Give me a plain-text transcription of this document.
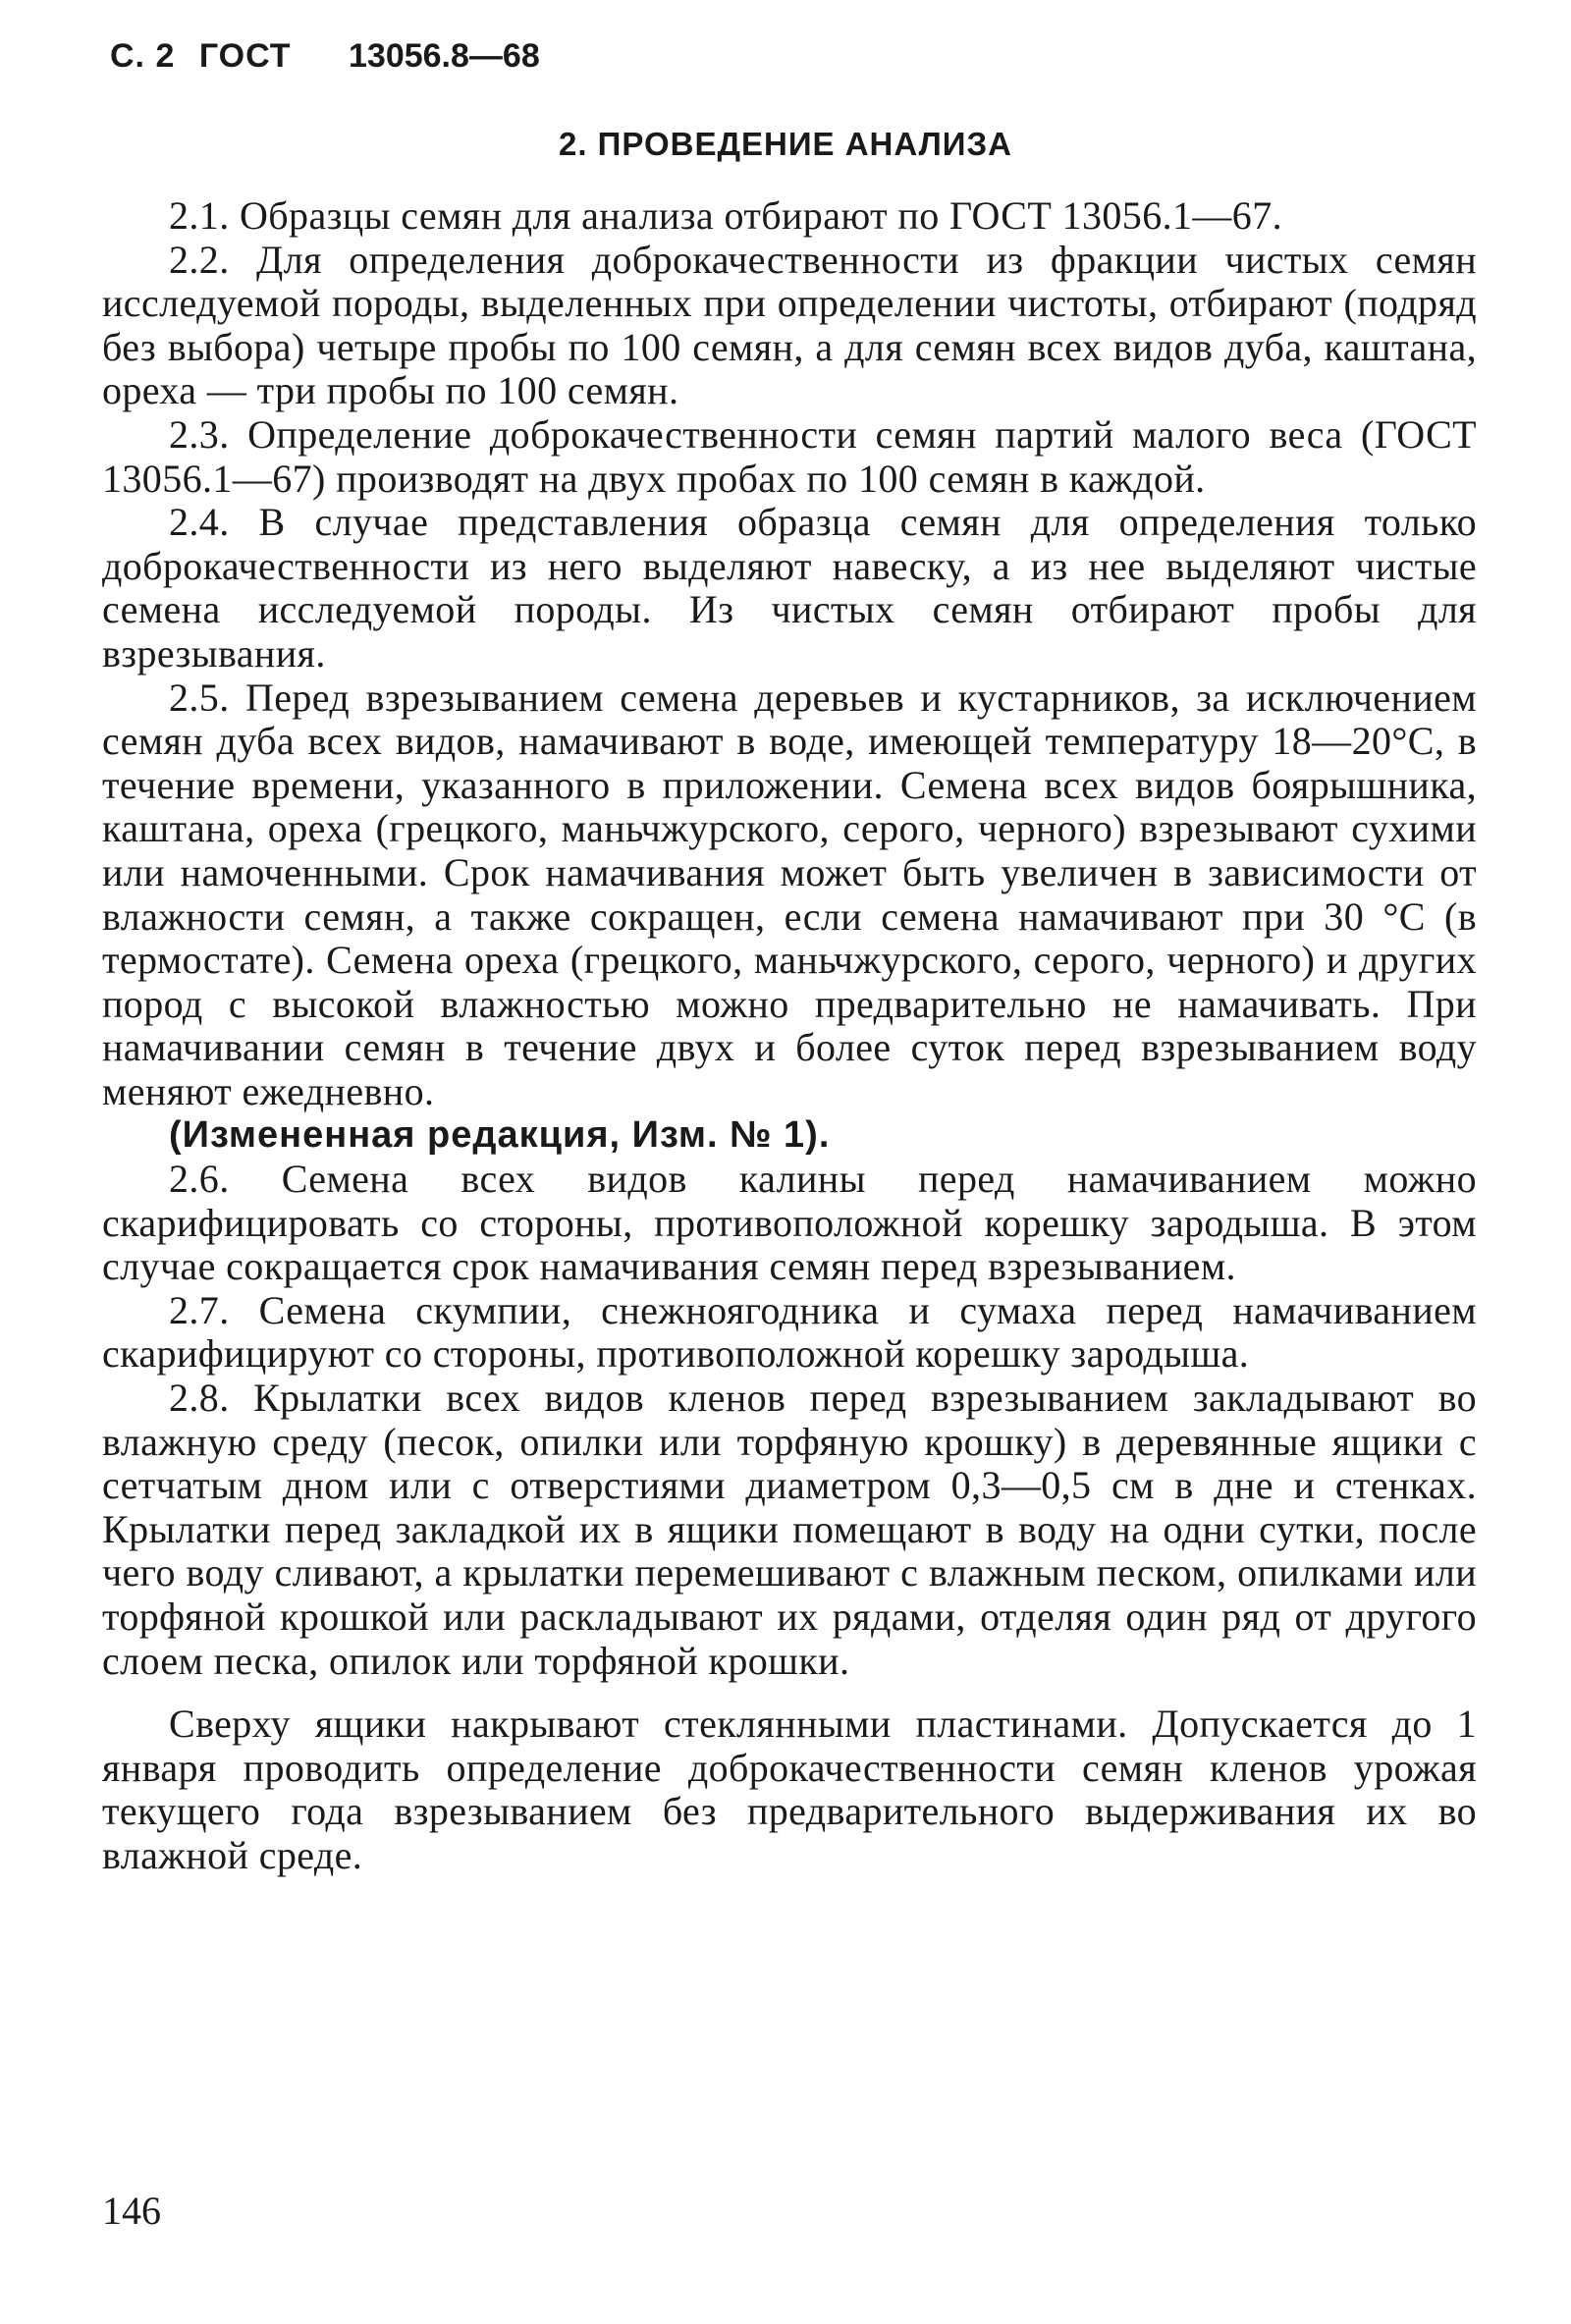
С. 2 ГОСТ 13056.8—68
2. ПРОВЕДЕНИЕ АНАЛИЗА

2.1. Образцы семян для анализа отбирают по ГОСТ 13056.1—67.

2.2. Для определения доброкачественности из фракции чистых семян исследуемой породы, выделенных при определении чистоты, отбирают (подряд без выбора) четыре пробы по 100 семян, а для семян всех видов дуба, каштана, ореха — три пробы по 100 семян.

2.3. Определение доброкачественности семян партий малого веса (ГОСТ 13056.1—67) производят на двух пробах по 100 семян в каждой.

2.4. В случае представления образца семян для определения только доброкачественности из него выделяют навеску, а из нее выделяют чистые семена исследуемой породы. Из чистых семян отбирают пробы для взрезывания.

2.5. Перед взрезыванием семена деревьев и кустарников, за исключением семян дуба всех видов, намачивают в воде, имеющей температуру 18—20°С, в течение времени, указанного в приложении. Семена всех видов боярышника, каштана, ореха (грецкого, маньчжурского, серого, черного) взрезывают сухими или намоченными. Срок намачивания может быть увеличен в зависимости от влажности семян, а также сокращен, если семена намачивают при 30 °С (в термостате). Семена ореха (грецкого, маньчжурского, серого, черного) и других пород с высокой влажностью можно предварительно не намачивать. При намачивании семян в течение двух и более суток перед взрезыванием воду меняют ежедневно.

(Измененная редакция, Изм. № 1).

2.6. Семена всех видов калины перед намачиванием можно скарифицировать со стороны, противоположной корешку зародыша. В этом случае сокращается срок намачивания семян перед взрезыванием.

2.7. Семена скумпии, снежноягодника и сумаха перед намачиванием скарифицируют со стороны, противоположной корешку зародыша.

2.8. Крылатки всех видов кленов перед взрезыванием закладывают во влажную среду (песок, опилки или торфяную крошку) в деревянные ящики с сетчатым дном или с отверстиями диаметром 0,3—0,5 см в дне и стенках. Крылатки перед закладкой их в ящики помещают в воду на одни сутки, после чего воду сливают, а крылатки перемешивают с влажным песком, опилками или торфяной крошкой или раскладывают их рядами, отделяя один ряд от другого слоем песка, опилок или торфяной крошки.

Сверху ящики накрывают стеклянными пластинами. Допускается до 1 января проводить определение доброкачественности семян кленов урожая текущего года взрезыванием без предварительного выдерживания их во влажной среде.

146
